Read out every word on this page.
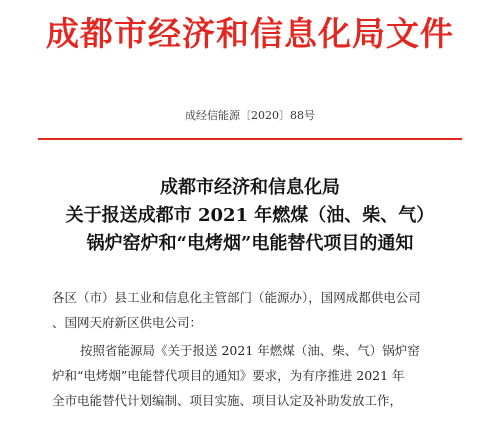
成都市经济和信息化局文件
成经信能源〔2020〕88号
成都市经济和信息化局
关于报送成都市 2021 年燃煤（油、柴、气）
锅炉窑炉和“电烤烟”电能替代项目的通知
各区（市）县工业和信息化主管部门（能源办），国网成都供电公司
、国网天府新区供电公司：
按照省能源局《关于报送 2021 年燃煤（油、柴、气）锅炉窑
炉和“电烤烟”电能替代项目的通知》要求，为有序推进 2021 年
全市电能替代计划编制、项目实施、项目认定及补助发放工作，
